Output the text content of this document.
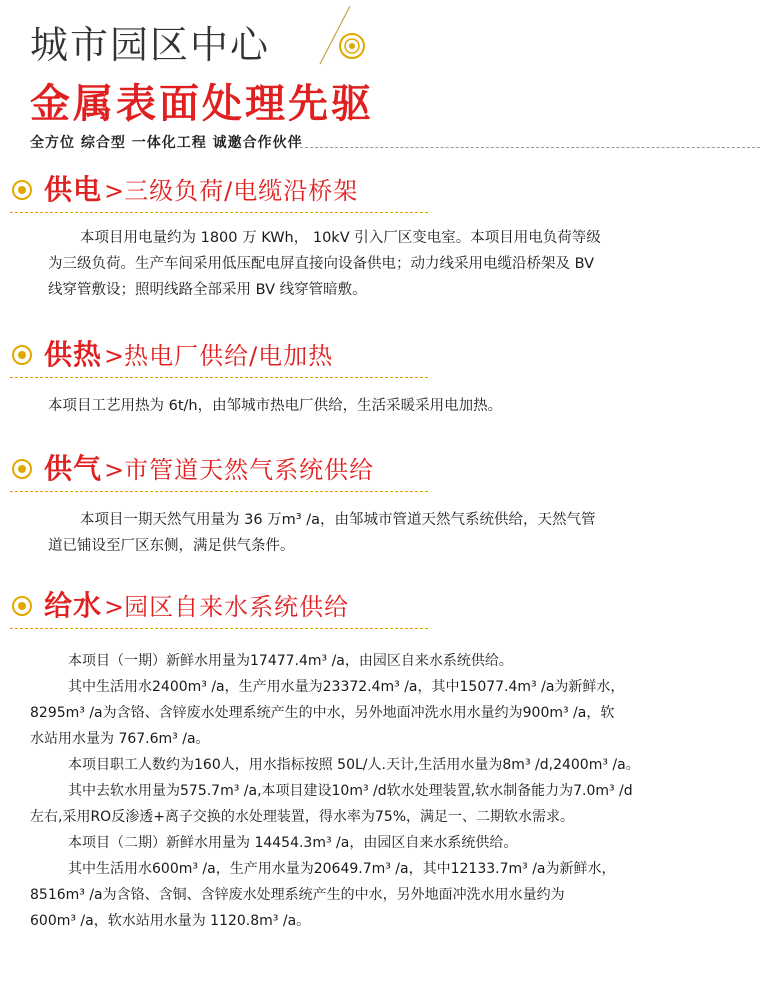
城市园区中心
金属表面处理先驱
全方位 综合型 一体化工程 诚邀合作伙伴
供电>三级负荷/电缆沿桥架
本项目用电量约为 1800 万 KWh， 10kV 引入厂区变电室。本项目用电负荷等级
为三级负荷。生产车间采用低压配电屏直接向设备供电；动力线采用电缆沿桥架及 BV
线穿管敷设；照明线路全部采用 BV 线穿管暗敷。
供热>热电厂供给/电加热
本项目工艺用热为 6t/h，由邹城市热电厂供给，生活采暖采用电加热。
供气>市管道天然气系统供给
本项目一期天然气用量为 36 万m³ /a，由邹城市管道天然气系统供给，天然气管
道已铺设至厂区东侧，满足供气条件。
给水>园区自来水系统供给
本项目（一期）新鲜水用量为17477.4m³ /a，由园区自来水系统供给。
其中生活用水2400m³ /a，生产用水量为23372.4m³ /a，其中15077.4m³ /a为新鲜水，
8295m³ /a为含铬、含锌废水处理系统产生的中水，另外地面冲洗水用水量约为900m³ /a，软
水站用水量为 767.6m³ /a。
本项目职工人数约为160人，用水指标按照 50L/人.天计,生活用水量为8m³ /d,2400m³ /a。
其中去软水用量为575.7m³ /a,本项目建设10m³ /d软水处理装置,软水制备能力为7.0m³ /d
左右,采用RO反渗透+离子交换的水处理装置，得水率为75%，满足一、二期软水需求。
本项目（二期）新鲜水用量为 14454.3m³ /a，由园区自来水系统供给。
其中生活用水600m³ /a，生产用水量为20649.7m³ /a，其中12133.7m³ /a为新鲜水，
8516m³ /a为含铬、含铜、含锌废水处理系统产生的中水，另外地面冲洗水用水量约为
600m³ /a，软水站用水量为 1120.8m³ /a。
